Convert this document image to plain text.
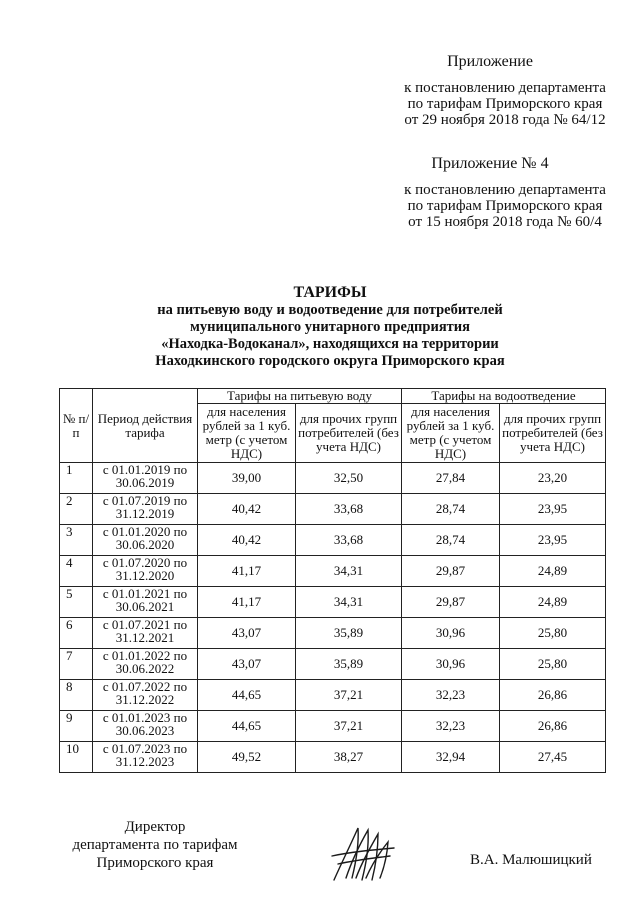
Приложение
к постановлению департамента
по тарифам Приморского края
от 29 ноября 2018 года № 64/12
Приложение № 4
к постановлению департамента
по тарифам Приморского края
от 15 ноября 2018 года № 60/4
ТАРИФЫ
на питьевую воду и водоотведение для потребителей
муниципального унитарного предприятия
«Находка-Водоканал», находящихся на территории
Находкинского городского округа Приморского края
№ п/п	Период действия тарифа	Тарифы на питьевую воду		Тарифы на водоотведение	
		для населения рублей за 1 куб. метр (с учетом НДС)	для прочих групп потребителей (без учета НДС)	для населения рублей за 1 куб. метр (с учетом НДС)	для прочих групп потребителей (без учета НДС)
1	с 01.01.2019 по 30.06.2019	39,00	32,50	27,84	23,20
2	с 01.07.2019 по 31.12.2019	40,42	33,68	28,74	23,95
3	с 01.01.2020 по 30.06.2020	40,42	33,68	28,74	23,95
4	с 01.07.2020 по 31.12.2020	41,17	34,31	29,87	24,89
5	с 01.01.2021 по 30.06.2021	41,17	34,31	29,87	24,89
6	с 01.07.2021 по 31.12.2021	43,07	35,89	30,96	25,80
7	с 01.01.2022 по 30.06.2022	43,07	35,89	30,96	25,80
8	с 01.07.2022 по 31.12.2022	44,65	37,21	32,23	26,86
9	с 01.01.2023 по 30.06.2023	44,65	37,21	32,23	26,86
10	с 01.07.2023 по 31.12.2023	49,52	38,27	32,94	27,45
Директор
департамента по тарифам
Приморского края	В.А. Малюшицкий
